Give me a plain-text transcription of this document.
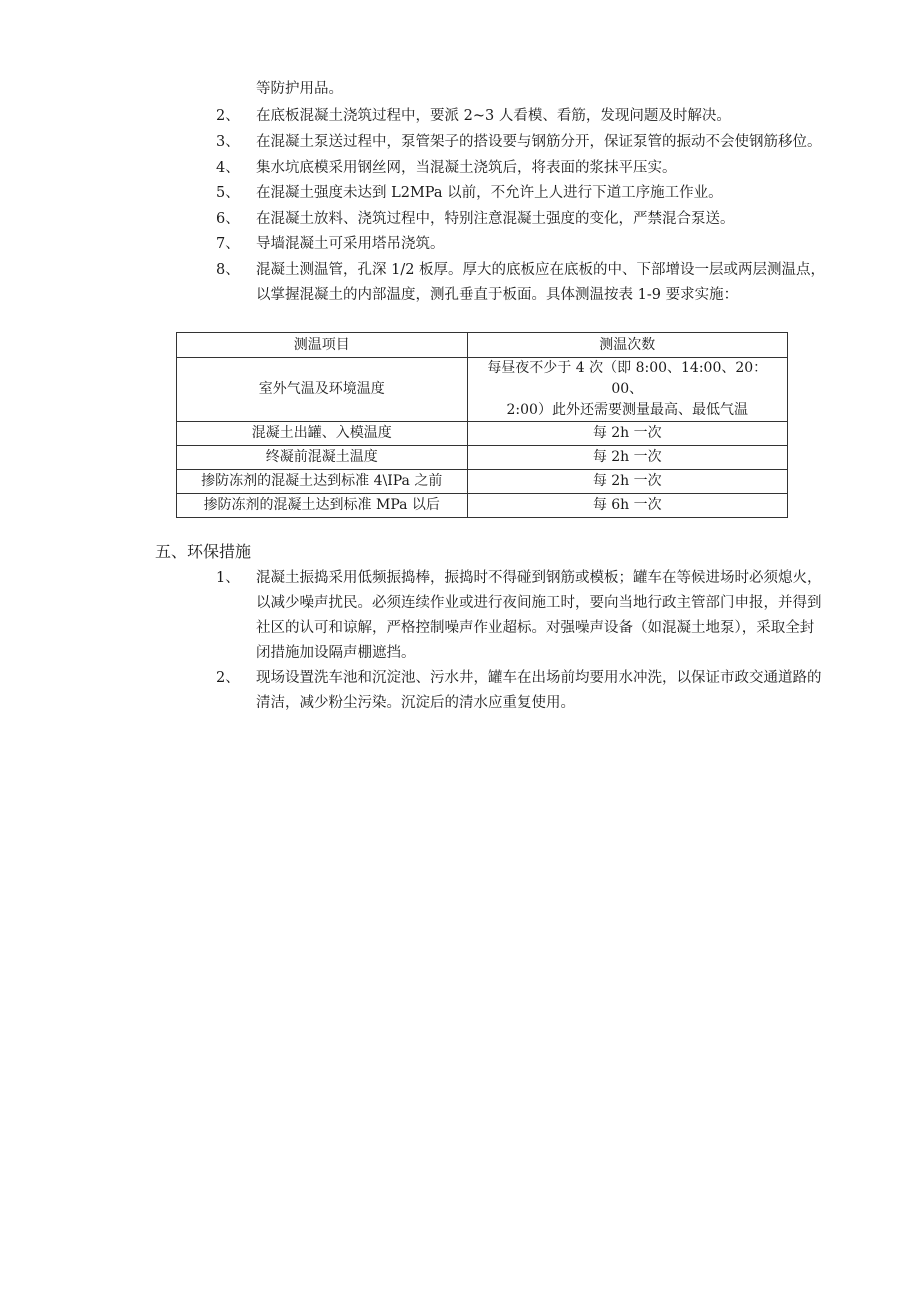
等防护用品。
2、 在底板混凝土浇筑过程中，要派 2~3 人看模、看筋，发现问题及时解决。
3、 在混凝土泵送过程中，泵管架子的搭设要与钢筋分开，保证泵管的振动不会使钢筋移位。
4、 集水坑底模采用钢丝网，当混凝土浇筑后，将表面的浆抹平压实。
5、 在混凝土强度未达到 L2MPa 以前，不允许上人进行下道工序施工作业。
6、 在混凝土放料、浇筑过程中，特别注意混凝土强度的变化，严禁混合泵送。
7、 导墙混凝土可采用塔吊浇筑。
8、 混凝土测温管，孔深 1/2 板厚。厚大的底板应在底板的中、下部增设一层或两层测温点，
以掌握混凝土的内部温度，测孔垂直于板面。具体测温按表 1-9 要求实施：
测温项目	测温次数
室外气温及环境温度	每昼夜不少于 4 次（即 8:00、14:00、20：00、
2:00）此外还需要测量最高、最低气温

混凝土出罐、入模温度	每 2h 一次
终凝前混凝土温度	每 2h 一次
掺防冻剂的混凝土达到标准 4\IPa 之前	每 2h 一次
掺防冻剂的混凝土达到标准 MPa 以后	每 6h 一次
五、环保措施
1、 混凝土振捣采用低频振捣棒，振捣时不得碰到钢筋或模板；罐车在等候进场时必须熄火，
以减少噪声扰民。必须连续作业或进行夜间施工时，要向当地行政主管部门申报，并得到
社区的认可和谅解，严格控制噪声作业超标。对强噪声设备（如混凝土地泵），采取全封
闭措施加设隔声棚遮挡。
2、 现场设置洗车池和沉淀池、污水井，罐车在出场前均要用水冲洗，以保证市政交通道路的
清洁，减少粉尘污染。沉淀后的清水应重复使用。
